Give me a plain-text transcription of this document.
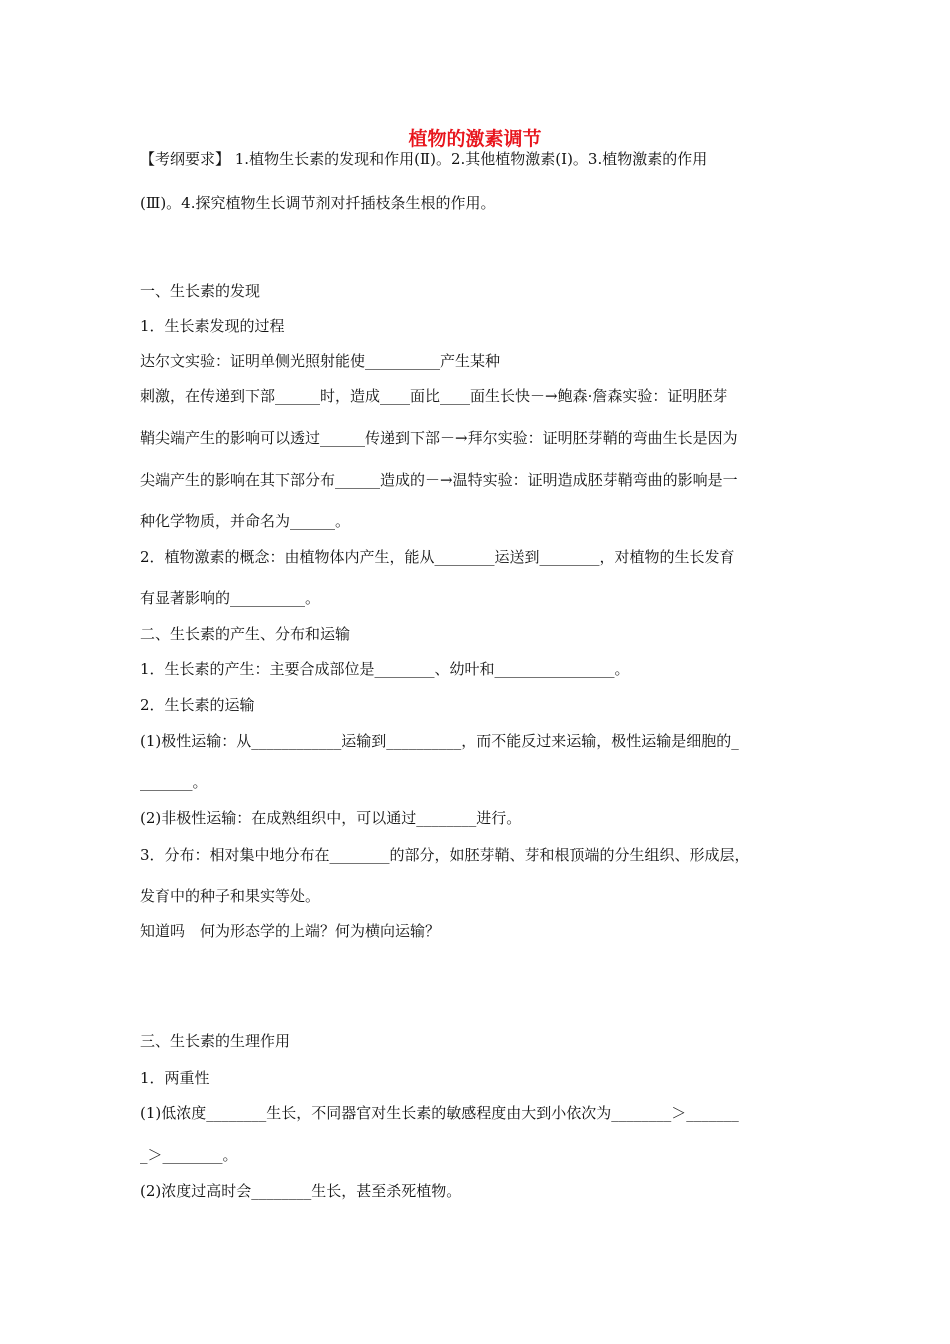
植物的激素调节
【考纲要求】 1.植物生长素的发现和作用(Ⅱ)。2.其他植物激素(Ⅰ)。3.植物激素的作用
(Ⅲ)。4.探究植物生长调节剂对扦插枝条生根的作用。
一、生长素的发现
1．生长素发现的过程
达尔文实验：证明单侧光照射能使__________产生某种
刺激，在传递到下部______时，造成____面比____面生长快－→鲍森·詹森实验：证明胚芽
鞘尖端产生的影响可以透过______传递到下部－→拜尔实验：证明胚芽鞘的弯曲生长是因为
尖端产生的影响在其下部分布______造成的－→温特实验：证明造成胚芽鞘弯曲的影响是一
种化学物质，并命名为______。
2．植物激素的概念：由植物体内产生，能从________运送到________，对植物的生长发育
有显著影响的__________。
二、生长素的产生、分布和运输
1．生长素的产生：主要合成部位是________、幼叶和________________。
2．生长素的运输
(1)极性运输：从____________运输到__________，而不能反过来运输，极性运输是细胞的_
_______。
(2)非极性运输：在成熟组织中，可以通过________进行。
3．分布：相对集中地分布在________的部分，如胚芽鞘、芽和根顶端的分生组织、形成层，
发育中的种子和果实等处。
知道吗　何为形态学的上端？何为横向运输？
三、生长素的生理作用
1．两重性
(1)低浓度________生长，不同器官对生长素的敏感程度由大到小依次为________＞_______
_＞________。
(2)浓度过高时会________生长，甚至杀死植物。
